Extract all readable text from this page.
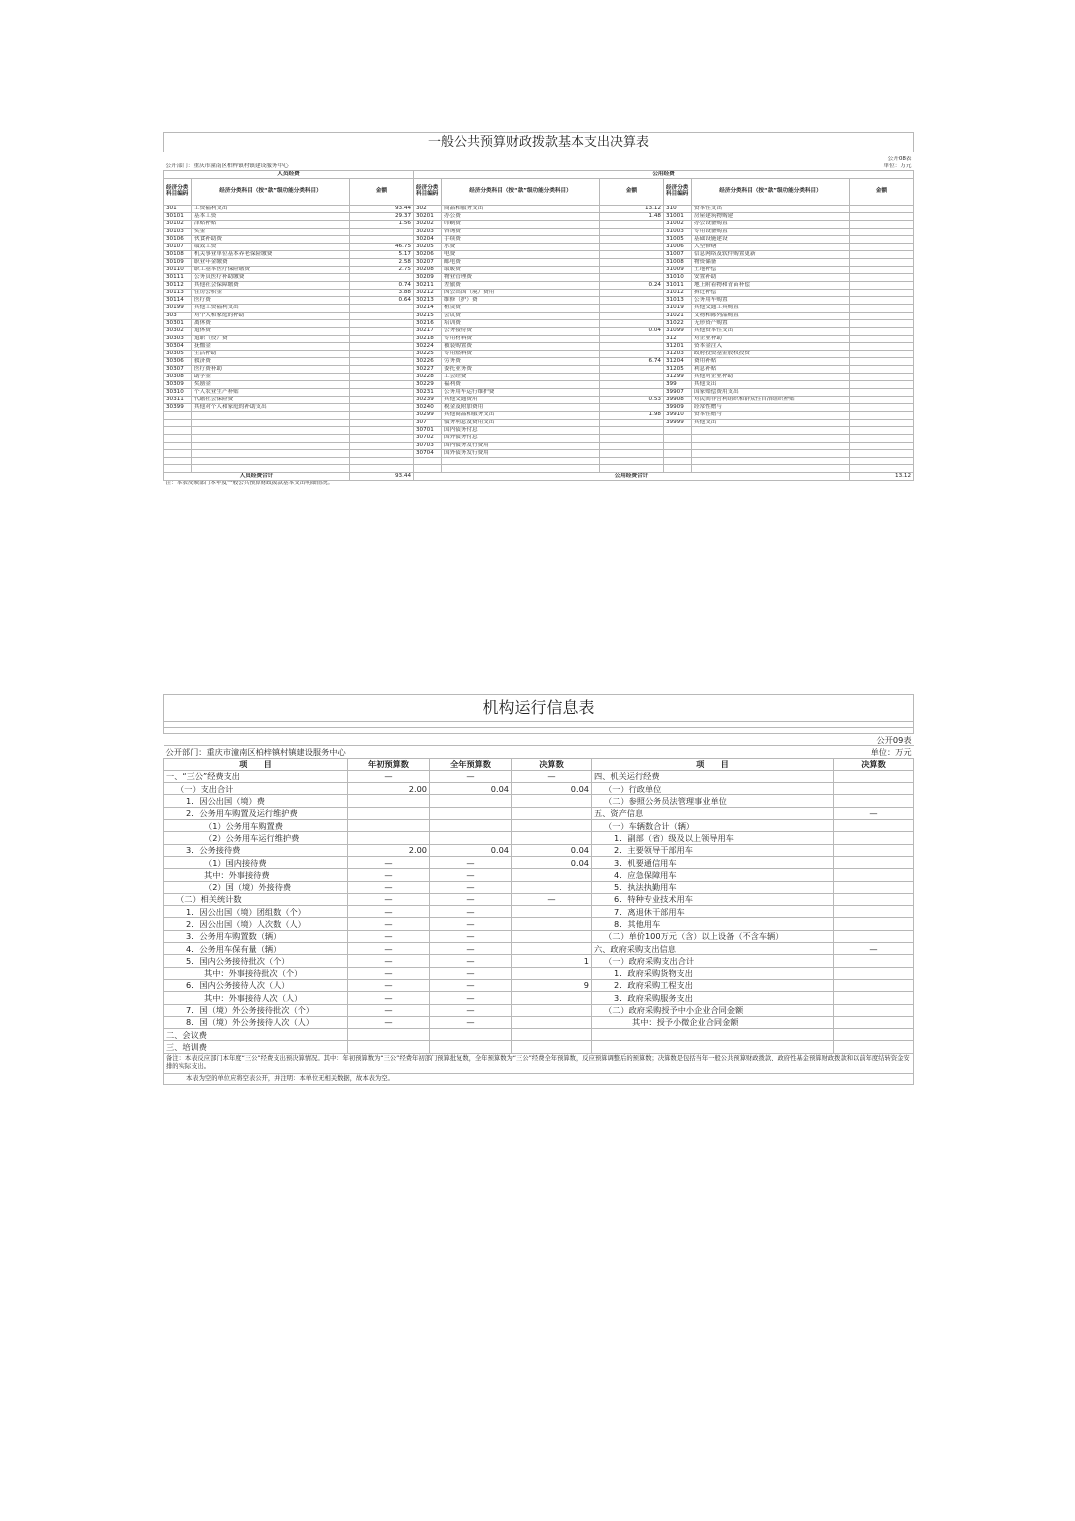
一般公共预算财政拨款基本支出决算表								

								公开08表
公开部门：重庆市潼南区柏梓镇村镇建设服务中心								单位：万元
人员经费			公用经费					
经济分类科目编码	经济分类科目（按“款”级功能分类科目）	金额	经济分类科目编码	经济分类科目（按“款”级功能分类科目）	金额	经济分类科目编码	经济分类科目（按“款”级功能分类科目）	金额
301	工资福利支出	93.44	302	商品和服务支出	13.12	310	资本性支出	
30101	基本工资	29.37	30201	办公费	1.48	31001	房屋建筑物购建	
30102	津贴补贴	1.56	30202	印刷费		31002	办公设备购置	
30103	奖金		30203	咨询费		31003	专用设备购置	
30106	伙食补助费		30204	手续费		31005	基础设施建设	
30107	绩效工资	46.75	30205	水费		31006	大型修缮	
30108	机关事业单位基本养老保险缴费	5.17	30206	电费		31007	信息网络及软件购置更新	
30109	职业年金缴费	2.58	30207	邮电费		31008	物资储备	
30110	职工基本医疗保险缴费	2.75	30208	取暖费		31009	土地补偿	
30111	公务员医疗补助缴费		30209	物业管理费		31010	安置补助	
30112	其他社会保障缴费	0.74	30211	差旅费	0.24	31011	地上附着物和青苗补偿	
30113	住房公积金	3.88	30212	因公出国（境）费用		31012	拆迁补偿	
30114	医疗费	0.64	30213	维修（护）费		31013	公务用车购置	
30199	其他工资福利支出		30214	租赁费		31019	其他交通工具购置	
303	对个人和家庭的补助		30215	会议费		31021	文物和陈列品购置	
30301	离休费		30216	培训费		31022	无形资产购置	
30302	退休费		30217	公务接待费	0.04	31099	其他资本性支出	
30303	退职（役）费		30218	专用材料费		312	对企业补助	
30304	抚恤金		30224	被装购置费		31201	资本金注入	
30305	生活补助		30225	专用燃料费		31203	政府投资基金股权投资	
30306	救济费		30226	劳务费	6.74	31204	费用补贴	
30307	医疗费补助		30227	委托业务费		31205	利息补贴	
30308	助学金		30228	工会经费		31299	其他对企业补助	
30309	奖励金		30229	福利费		399	其他支出	
30310	个人农业生产补贴		30231	公务用车运行维护费		39907	国家赔偿费用支出	
30311	代缴社会保险费		30239	其他交通费用	0.53	39908	对民间非营利组织和群众性自治组织补贴	
30399	其他对个人和家庭的补助支出		30240	税金及附加费用		39909	经常性赠与	
			30299	其他商品和服务支出	1.98	39910	资本性赠与	
			307	债务利息及费用支出		39999	其他支出	
			30701	国内债务付息				
			30702	国外债务付息				
			30703	国内债务发行费用				
			30704	国外债务发行费用				

人员经费合计		93.44	公用经费合计					13.12
注：本表反映部门本年度一般公共预算财政拨款基本支出明细情况。								
机构运行信息表					

					公开09表
公开部门：重庆市潼南区柏梓镇村镇建设服务中心					单位：万元
项　　目	年初预算数	全年预算数	决算数	项　　目	决算数
一、“三公”经费支出	—	—	—	四、机关运行经费	
（一）支出合计	2.00	0.04	0.04	（一）行政单位	
1．因公出国（境）费				（二）参照公务员法管理事业单位	
2．公务用车购置及运行维护费				五、资产信息	—
（1）公务用车购置费				（一）车辆数合计（辆）	
（2）公务用车运行维护费				1．副部（省）级及以上领导用车	
3．公务接待费	2.00	0.04	0.04	2．主要领导干部用车	
（1）国内接待费	—	—	0.04	3．机要通信用车	
其中：外事接待费	—	—		4．应急保障用车	
（2）国（境）外接待费	—	—		5．执法执勤用车	
（二）相关统计数	—	—	—	6．特种专业技术用车	
1．因公出国（境）团组数（个）	—	—		7．离退休干部用车	
2．因公出国（境）人次数（人）	—	—		8．其他用车	
3．公务用车购置数（辆）	—	—		（二）单价100万元（含）以上设备（不含车辆）	
4．公务用车保有量（辆）	—	—		六、政府采购支出信息	—
5．国内公务接待批次（个）	—	—	1	（一）政府采购支出合计	
其中：外事接待批次（个）	—	—		1．政府采购货物支出	
6．国内公务接待人次（人）	—	—	9	2．政府采购工程支出	
其中：外事接待人次（人）	—	—		3．政府采购服务支出	
7．国（境）外公务接待批次（个）	—	—		（二）政府采购授予中小企业合同金额	
8．国（境）外公务接待人次（人）	—	—		其中：授予小微企业合同金额	
二、会议费					
三、培训费					
备注：本表反应部门本年度“三公”经费支出预决算情况。其中：年初预算数为“三公”经费年初部门预算批复数，全年预算数为“三公”经费全年预算数，反应预算调整后的预算数；决算数是包括当年一般公共预算财政拨款、政府性基金预算财政拨款和以前年度结转资金安排的实际支出。					
本表为空的单位应将空表公开，并注明：本单位无相关数据，故本表为空。					
